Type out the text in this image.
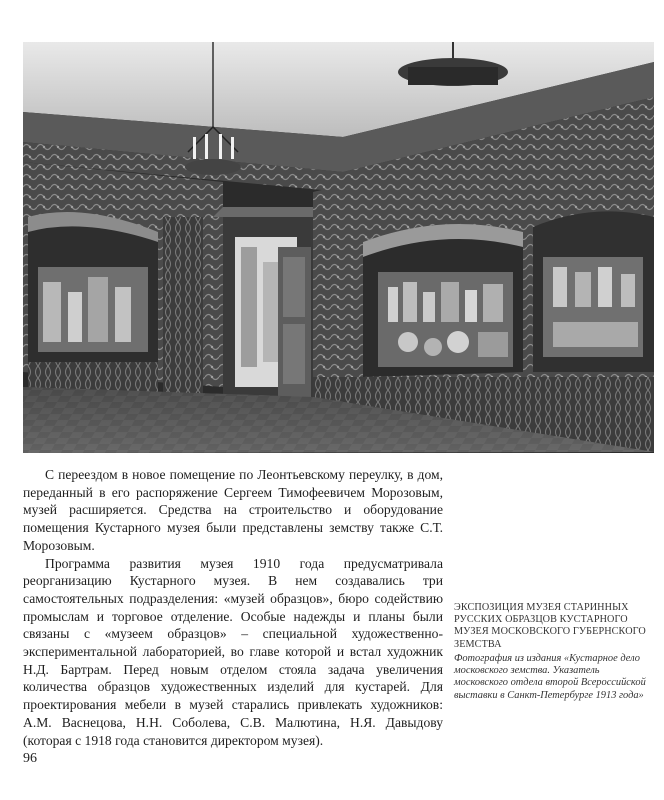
С переездом в новое помещение по Леонтьевскому переулку, в дом, переданный в его распоряжение Сергеем Тимофеевичем Морозовым, музей расширяется. Средства на строительство и оборудование помещения Кустарного музея были представлены земству также С.Т. Морозовым.

Программа развития музея 1910 года предусматривала реорганизацию Кустарного музея. В нем создавались три самостоятельных подразделения: «музей образцов», бюро содействию промыслам и торговое отделение. Особые надежды и планы были связаны с «музеем образцов» – специальной художественно-экспериментальной лабораторией, во главе которой и встал художник Н.Д. Бартрам. Перед новым отделом стояла задача увеличения количества образцов художественных изделий для кустарей. Для проектирования мебели в музей старались привлекать художников: А.М. Васнецова, Н.Н. Соболева, С.В. Малютина, Н.Я. Давыдову (которая с 1918 года становится директором музея).

ЭКСПОЗИЦИЯ МУЗЕЯ СТАРИННЫХ РУССКИХ ОБРАЗЦОВ КУСТАРНОГО МУЗЕЯ МОСКОВСКОГО ГУБЕРНСКОГО ЗЕМСТВА

Фотография из издания «Кустарное дело московского земства. Указатель московского отдела второй Всероссийской выставки в Санкт-Петербурге 1913 года»

96
